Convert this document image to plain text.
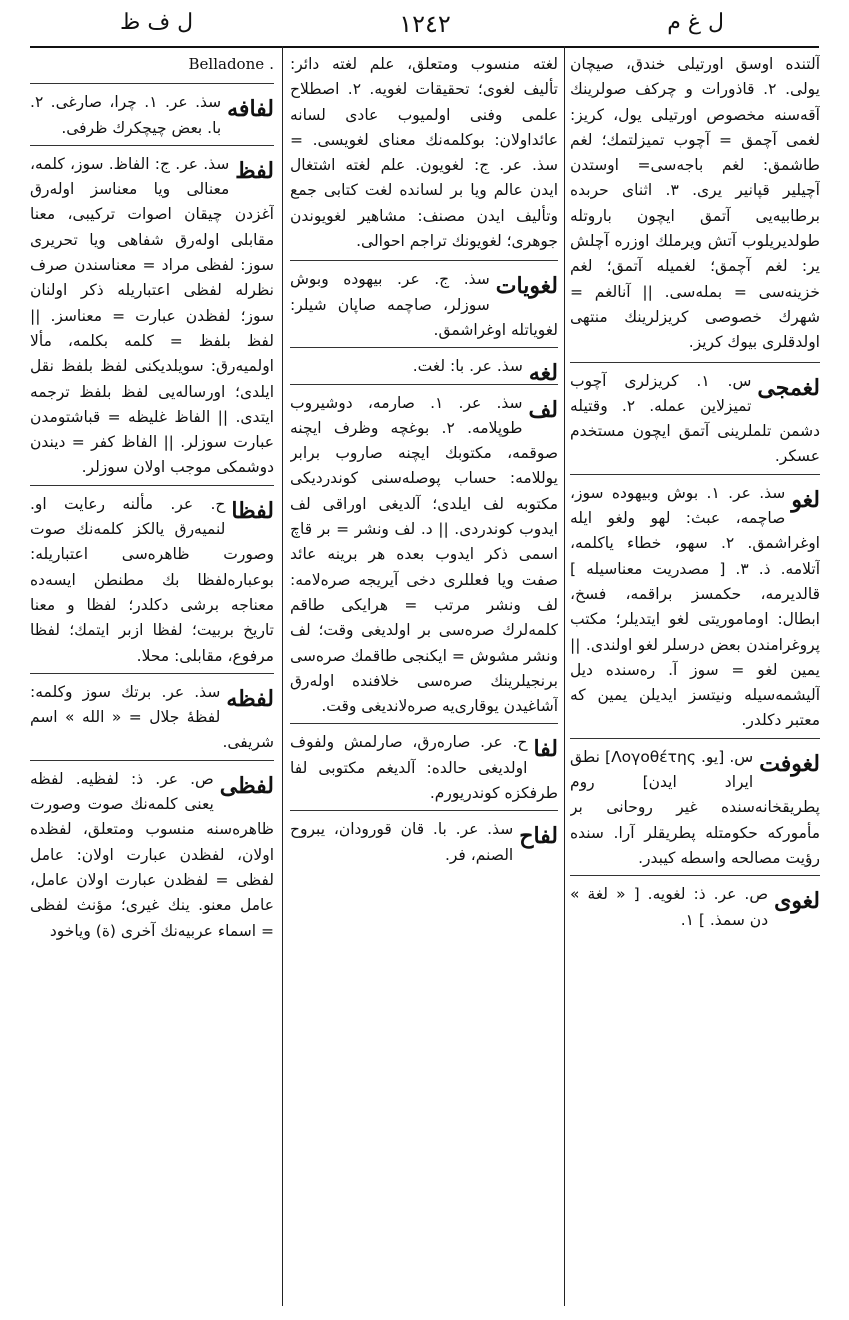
ل ف ظ	١٢٤٢	ل غ م
آلتنده اوسق اورتیلی خندق، صیچان یولی. ٢. قاذورات و چركف صولرینك آقه‌سنه مخصوص اورتیلی یول، كریز: لغمی آچمق = آچوب تمیزلتمك؛ لغم طاشمق: لغم باجه‌سی= اوستدن آچیلیر قپانیر یری. ٣. اثنای حربده برطابیه‌یی آتمق ایچون باروتله طولدیریلوب آتش ویرملك اوزره آچلش یر: لغم آچمق؛ لغمیله آتمق؛ لغم خزینه‌سی = بملەسی. || آنالغم = شهرك خصوصی كریزلرینك منتهی اولدقلری بیوك كریز.
لغمجی
س. ١. كریزلری آچوب تمیزلاین عمله. ٢. وقتیله دشمن تلملرینی آتمق ایچون مستخدم عسكر.
لغو
سذ. عر. ١. بوش وبیهوده سوز، صاچمه، عبث: لهو ولغو ایله اوغراشمق. ٢. سهو، خطاء یاكلمه، آتلامه. ذ. ٣. [ مصدریت معناسیله ] قالدیرمه، حكمسز براقمه، فسخ، ابطال: اوماموریتی لغو ایتدیلر؛ مكتب پروغرامندن بعض درسلر لغو اولندی. || یمین لغو = سوز آ. رەسنده دیل آلیشمه‌سیله ونیتسز ایدیلن یمین كه معتبر دكلدر.
لغوفت
س. [یو. Λογοθέτης] نطق ایراد ایدن] روم پطریقخانه‌سنده غیر روحانی بر مأموركه حكومتله پطریقلر آرا. سنده رؤیت مصالحه واسطه كیبدر.
لغوی
ص. عر. ذ: لغویه. [ « لغة » دن سمذ. ] ١.
لغته منسوب ومتعلق، علم لغته دائر: تألیف لغوی؛ تحقیقات لغویه. ٢. اصطلاح علمی وفنی اولمیوب عادی لسانه عائداولان: بوكلمەنك معنای لغویسی. = سذ. عر. ج: لغویون. علم لغته اشتغال ایدن عالم ویا بر لسانده لغت كتابی جمع وتألیف ایدن مصنف: مشاهیر لغویوندن جوهری؛ لغویونك تراجم احوالی.
لغویات
سذ. ج. عر. بیهوده وبوش سوزلر، صاچمه صاپان شیلر: لغویاتله اوغراشمق.
لغه
سذ. عر. با: لغت.
لف
سذ. عر. ١. صارمه، دوشیروب طوپلامه. ٢. بوغچه وظرف ایچنه صوقمه، مكتوبك ایچنه صاروب برابر یوللامه: حساب پوصله‌سنی كوندردیكی مكتوبه لف ایلدی؛ آلدیغی اوراقی لف ایدوب كوندردی. || د. لف ونشر = بر قاچ اسمی ذكر ایدوب بعده هر برینه عائد صفت ویا فعللری دخی آیریجه صرەلامه: لف ونشر مرتب = هرایكی طاقم كلمەلرك صرەسی بر اولدیغی وقت؛ لف ونشر مشوش = ایكنجی طاقمك صرەسی برنجیلرینك صرەسی خلافنده اولەرق آشاغیدن یوقاری‌یه صرەلاندیغی وقت.
لفا
ح. عر. صارەرق، صارلمش ولفوف اولدیغی حالده: آلدیغم مكتوبی لفا طرفكزه كوندریورم.
لفاح
سذ. عر. با. قان قورودان، یبروح الصنم، فر.
. Belladone
لفافه
سذ. عر. ١. چرا، صارغی. ٢. با. بعض چیچكرك ظرفی.
لفظ
سذ. عر. ج: الفاظ. سوز، كلمه، معنالی ویا معناسز اولەرق آغزدن چیقان اصوات تركیبی، معنا مقابلی اولەرق شفاهی ویا تحریری سوز: لفظی مراد = معناسندن صرف نظرله لفظی اعتباریله ذكر اولنان سوز؛ لفظدن عبارت = معناسز. || لفظ بلفظ = كلمه بكلمه، مألا اولمیەرق: سویلدیكنی لفظ بلفظ نقل ایلدی؛ اورساله‌یی لفظ بلفظ ترجمه ایتدی. || الفاظ غلیظه = قباشتومدن عبارت سوزلر. || الفاظ كفر = دیندن دوشمكی موجب اولان سوزلر.
لفظا
ح. عر. مألنه رعایت او. لنمیەرق یالكز كلمەنك صوت وصورت ظاهرەسی اعتباریله: بوعبارەلفظا بك مطنطن ایسەده معناجه برشی دكلدر؛ لفظا و معنا تاریخ بربیت؛ لفظا ازبر ایتمك؛ لفظا مرفوع، مقابلی: محلا.
لفظه
سذ. عر. برتك سوز وكلمه: لفظۀ جلال = « الله » اسم شریفی.
لفظی
ص. عر. ذ: لفظیه. لفظه یعنی كلمەنك صوت وصورت ظاهرەسنه منسوب ومتعلق، لفظده اولان، لفظدن عبارت اولان: عامل لفظی = لفظدن عبارت اولان عامل، عامل معنو. ینك غیری؛ مؤنث لفظی = اسماء عربیەنك آخری (ة) ویاخود
